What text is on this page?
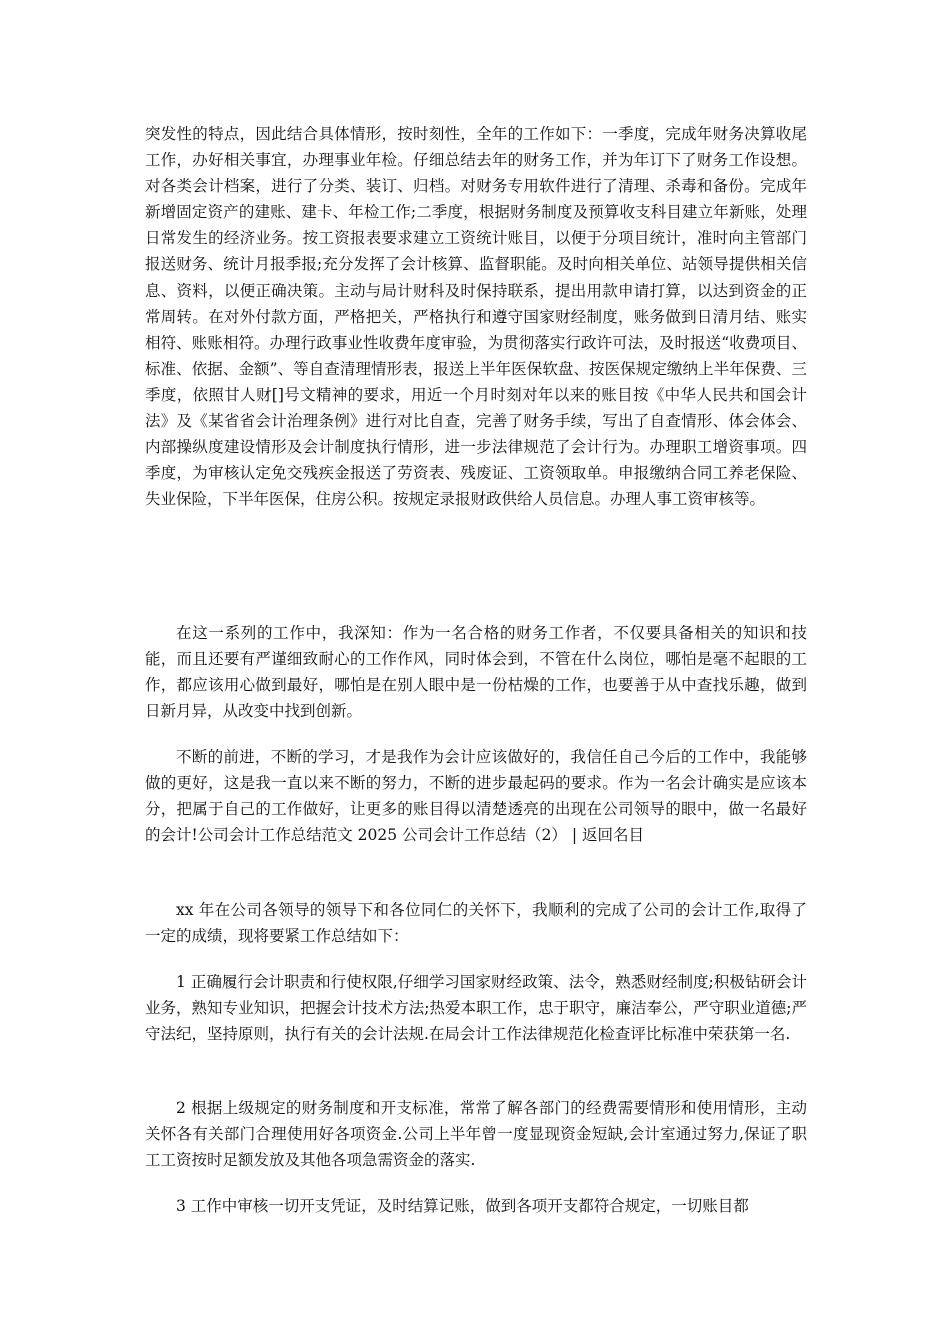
突发性的特点，因此结合具体情形，按时刻性，全年的工作如下：一季度，完成年财务决算收尾工作，办好相关事宜，办理事业年检。仔细总结去年的财务工作，并为年订下了财务工作设想。对各类会计档案，进行了分类、装订、归档。对财务专用软件进行了清理、杀毒和备份。完成年新增固定资产的建账、建卡、年检工作;二季度，根据财务制度及预算收支科目建立年新账，处理日常发生的经济业务。按工资报表要求建立工资统计账目，以便于分项目统计，准时向主管部门报送财务、统计月报季报;充分发挥了会计核算、监督职能。及时向相关单位、站领导提供相关信息、资料，以便正确决策。主动与局计财科及时保持联系，提出用款申请打算，以达到资金的正常周转。在对外付款方面，严格把关，严格执行和遵守国家财经制度，账务做到日清月结、账实相符、账账相符。办理行政事业性收费年度审验，为贯彻落实行政许可法，及时报送“收费项目、标准、依据、金额”、等自查清理情形表，报送上半年医保软盘、按医保规定缴纳上半年保费、三季度，依照甘人财[]号文精神的要求，用近一个月时刻对年以来的账目按《中华人民共和国会计法》及《某省省会计治理条例》进行对比自查，完善了财务手续，写出了自查情形、体会体会、内部操纵度建设情形及会计制度执行情形，进一步法律规范了会计行为。办理职工增资事项。四季度，为审核认定免交残疾金报送了劳资表、残废证、工资领取单。申报缴纳合同工养老保险、失业保险，下半年医保，住房公积。按规定录报财政供给人员信息。办理人事工资审核等。

在这一系列的工作中，我深知：作为一名合格的财务工作者，不仅要具备相关的知识和技能，而且还要有严谨细致耐心的工作作风，同时体会到，不管在什么岗位，哪怕是毫不起眼的工作，都应该用心做到最好，哪怕是在别人眼中是一份枯燥的工作，也要善于从中查找乐趣，做到日新月异，从改变中找到创新。

不断的前进，不断的学习，才是我作为会计应该做好的，我信任自己今后的工作中，我能够做的更好，这是我一直以来不断的努力，不断的进步最起码的要求。作为一名会计确实是应该本分，把属于自己的工作做好，让更多的账目得以清楚透亮的出现在公司领导的眼中，做一名最好的会计!公司会计工作总结范文 2025 公司会计工作总结（2） | 返回名目

xx 年在公司各领导的领导下和各位同仁的关怀下，我顺利的完成了公司的会计工作,取得了一定的成绩，现将要紧工作总结如下：

1 正确履行会计职责和行使权限,仔细学习国家财经政策、法令，熟悉财经制度;积极钻研会计业务，熟知专业知识，把握会计技术方法;热爱本职工作，忠于职守，廉洁奉公，严守职业道德;严守法纪，坚持原则，执行有关的会计法规.在局会计工作法律规范化检查评比标准中荣获第一名.

2 根据上级规定的财务制度和开支标准，常常了解各部门的经费需要情形和使用情形，主动关怀各有关部门合理使用好各项资金.公司上半年曾一度显现资金短缺,会计室通过努力,保证了职工工资按时足额发放及其他各项急需资金的落实.

3 工作中审核一切开支凭证，及时结算记账，做到各项开支都符合规定，一切账目都
